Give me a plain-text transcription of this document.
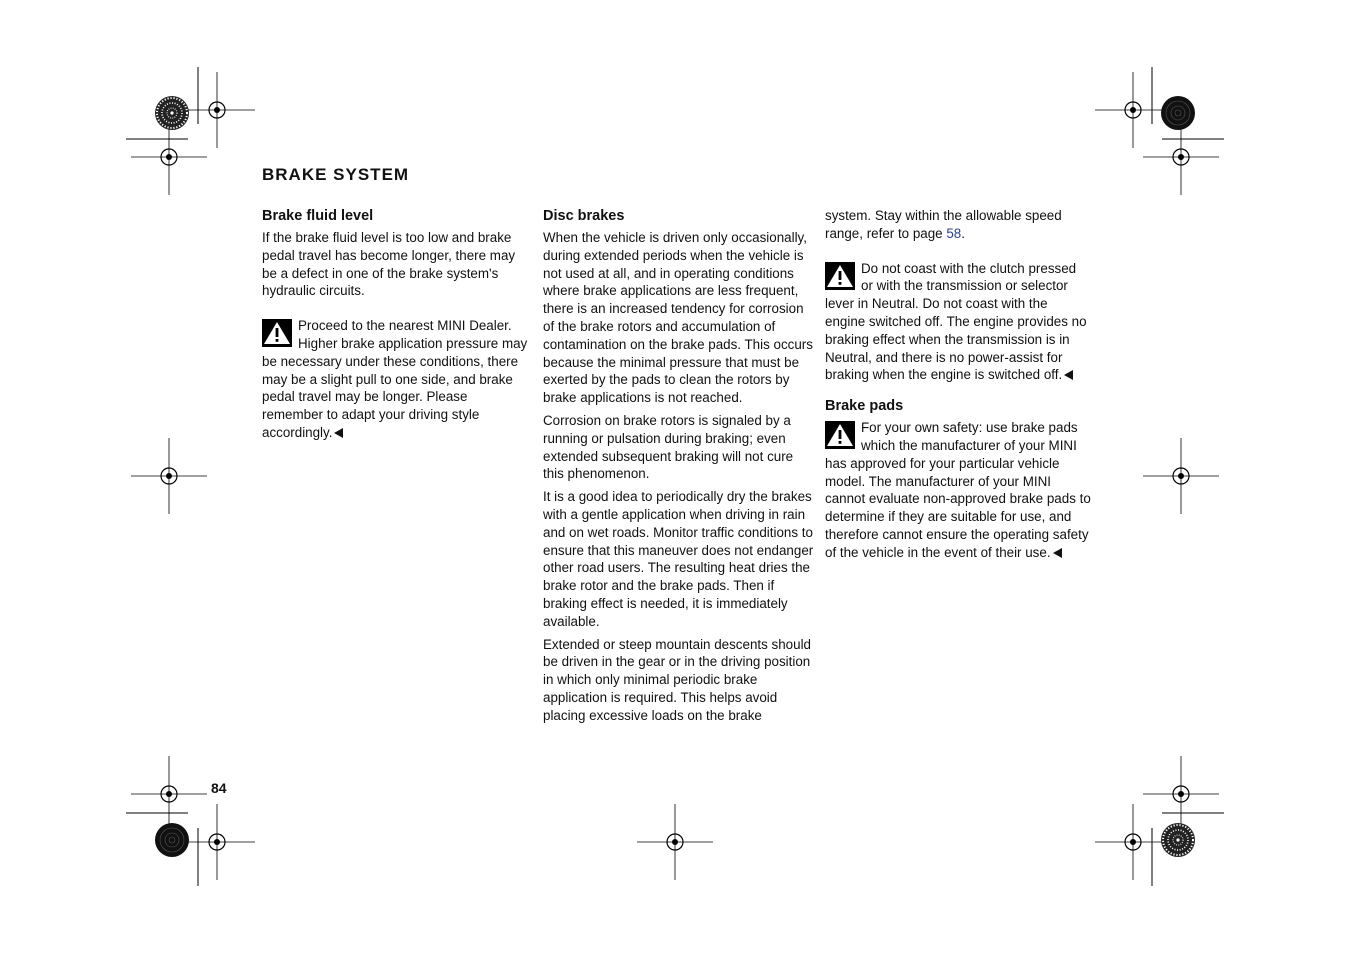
BRAKE SYSTEM
Brake fluid level

If the brake fluid level is too low and brake pedal travel has become longer, there may be a defect in one of the brake system's hydraulic circuits.

Proceed to the nearest MINI Dealer. Higher brake application pressure may be necessary under these conditions, there may be a slight pull to one side, and brake pedal travel may be longer. Please remember to adapt your driving style accordingly.
Disc brakes

When the vehicle is driven only occasionally, during extended periods when the vehicle is not used at all, and in operating conditions where brake applications are less frequent, there is an increased tendency for corrosion of the brake rotors and accumulation of contamination on the brake pads. This occurs because the minimal pressure that must be exerted by the pads to clean the rotors by brake applications is not reached.

Corrosion on brake rotors is signaled by a running or pulsation during braking; even extended subsequent braking will not cure this phenomenon.

It is a good idea to periodically dry the brakes with a gentle application when driving in rain and on wet roads. Monitor traffic conditions to ensure that this maneuver does not endanger other road users. The resulting heat dries the brake rotor and the brake pads. Then if braking effect is needed, it is immediately available.

Extended or steep mountain descents should be driven in the gear or in the driving position in which only minimal periodic brake application is required. This helps avoid placing excessive loads on the brake

system. Stay within the allowable speed range, refer to page 58.

Do not coast with the clutch pressed or with the transmission or selector lever in Neutral. Do not coast with the engine switched off. The engine provides no braking effect when the transmission is in Neutral, and there is no power-assist for braking when the engine is switched off.
Brake pads
For your own safety: use brake pads which the manufacturer of your MINI has approved for your particular vehicle model. The manufacturer of your MINI cannot evaluate non-approved brake pads to determine if they are suitable for use, and therefore cannot ensure the operating safety of the vehicle in the event of their use.
84
